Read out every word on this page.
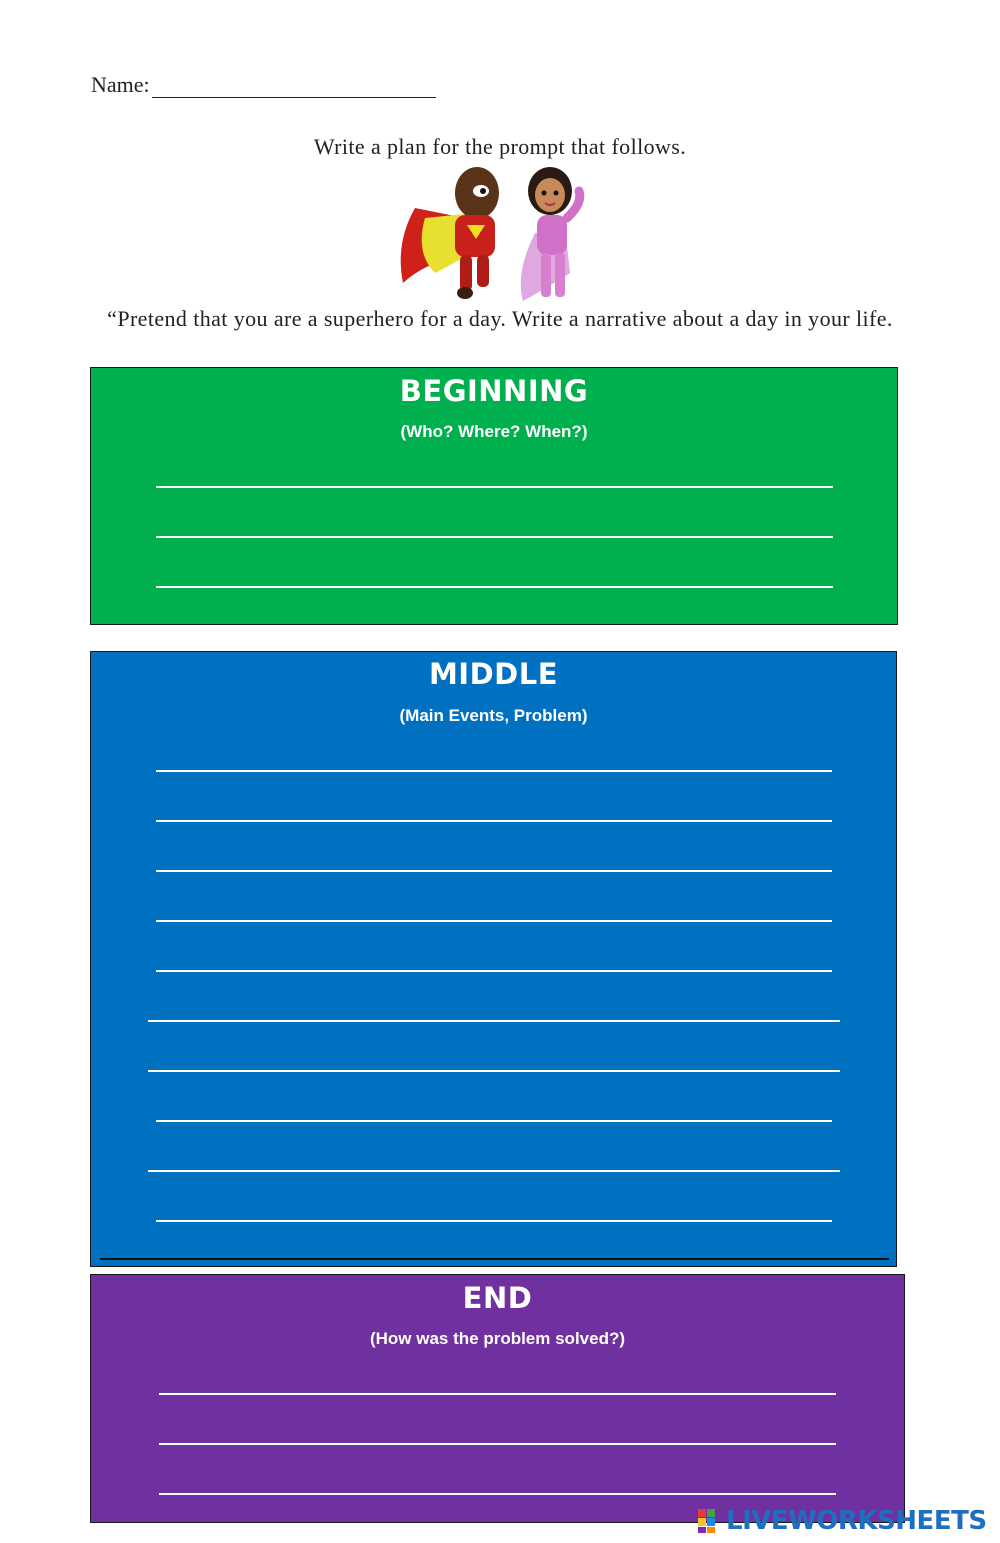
Name:
Write a plan for the prompt that follows.
“Pretend that you are a superhero for a day. Write a narrative about a day in your life.
BEGINNING
(Who? Where? When?)
MIDDLE
(Main Events, Problem)
END
(How was the problem solved?)
LIVEWORKSHEETS
